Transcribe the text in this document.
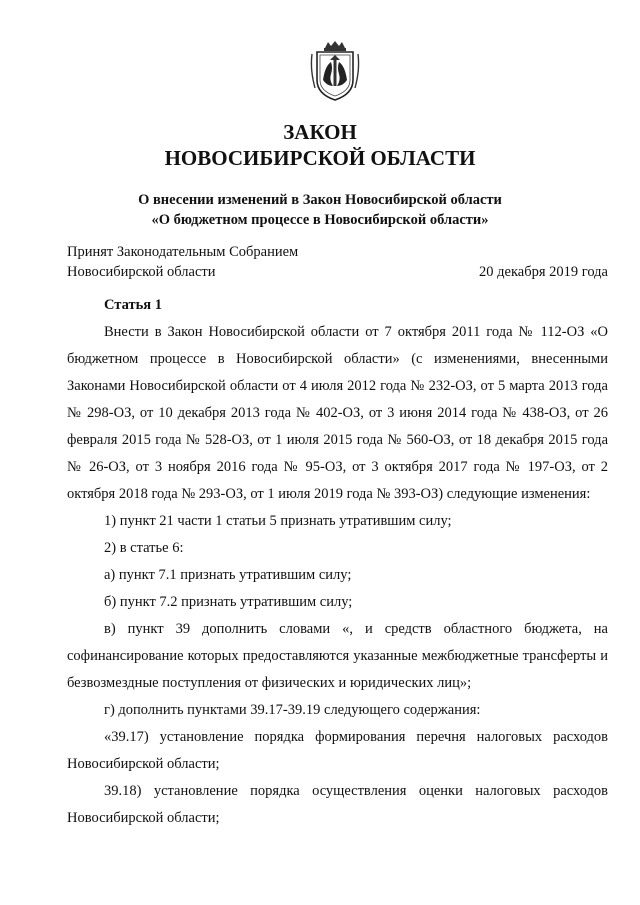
ЗАКОН
НОВОСИБИРСКОЙ ОБЛАСТИ
О внесении изменений в Закон Новосибирской области
«О бюджетном процессе в Новосибирской области»
Принят Законодательным Собранием
Новосибирской области	20 декабря 2019 года

Статья 1

Внести в Закон Новосибирской области от 7 октября 2011 года № 112-ОЗ «О бюджетном процессе в Новосибирской области» (с изменениями, внесенными Законами Новосибирской области от 4 июля 2012 года № 232-ОЗ, от 5 марта 2013 года № 298-ОЗ, от 10 декабря 2013 года № 402-ОЗ, от 3 июня 2014 года № 438-ОЗ, от 26 февраля 2015 года № 528-ОЗ, от 1 июля 2015 года № 560-ОЗ, от 18 декабря 2015 года № 26-ОЗ, от 3 ноября 2016 года № 95-ОЗ, от 3 октября 2017 года № 197-ОЗ, от 2 октября 2018 года № 293-ОЗ, от 1 июля 2019 года № 393-ОЗ) следующие изменения:

1) пункт 21 части 1 статьи 5 признать утратившим силу;

2) в статье 6:

а) пункт 7.1 признать утратившим силу;

б) пункт 7.2 признать утратившим силу;

в) пункт 39 дополнить словами «, и средств областного бюджета, на софинансирование которых предоставляются указанные межбюджетные трансферты и безвозмездные поступления от физических и юридических лиц»;

г) дополнить пунктами 39.17-39.19 следующего содержания:

«39.17) установление порядка формирования перечня налоговых расходов Новосибирской области;

39.18) установление порядка осуществления оценки налоговых расходов Новосибирской области;
